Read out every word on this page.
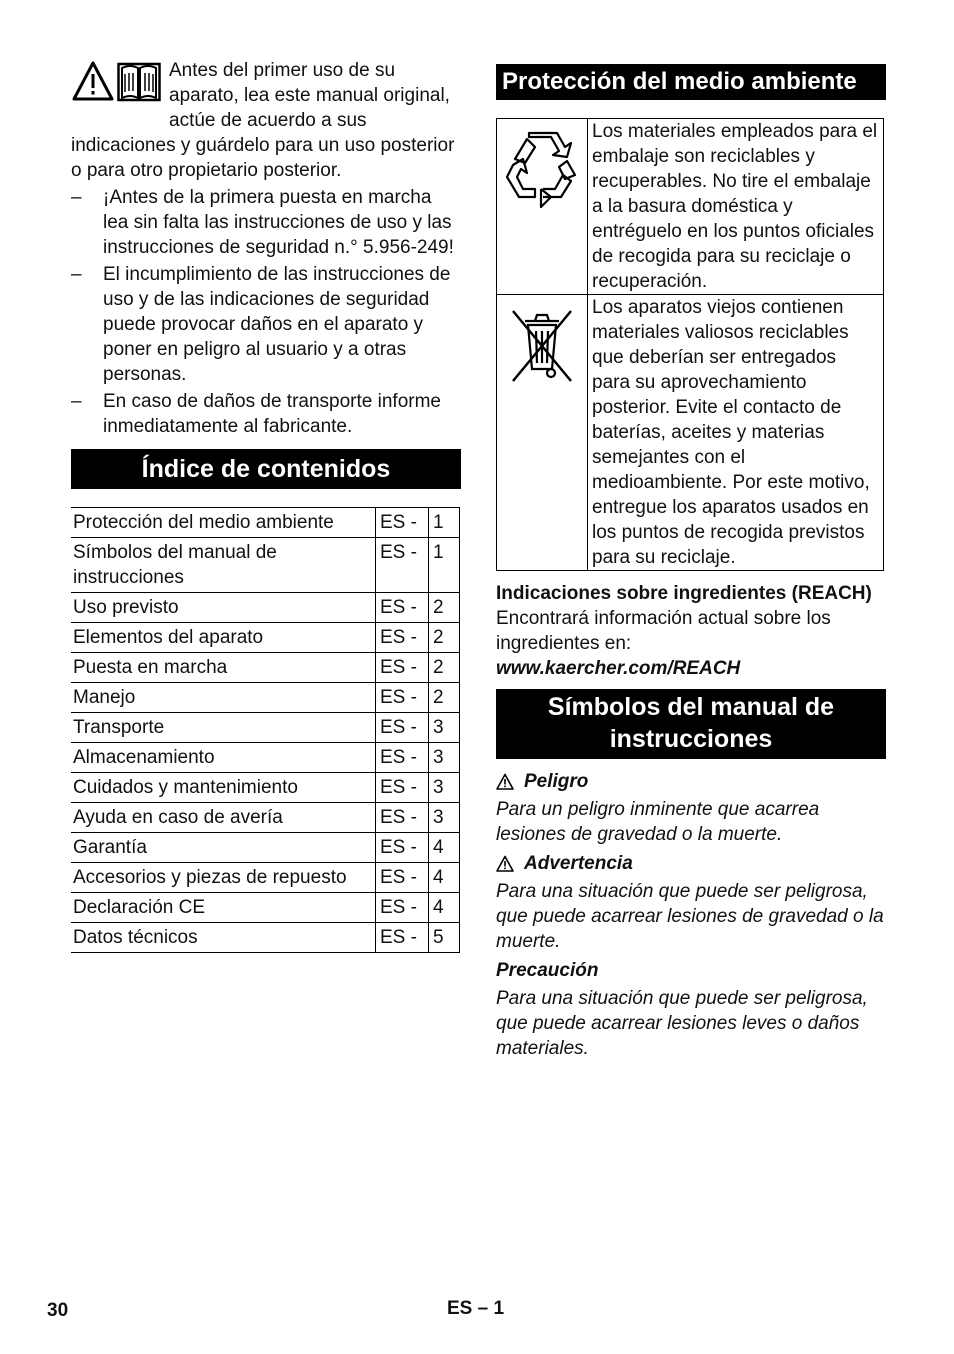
Antes del primer uso de su aparato, lea este manual original, actúe de acuerdo a sus indicaciones y guárdelo para un uso posterior o para otro propietario posterior.

– ¡Antes de la primera puesta en marcha lea sin falta las instrucciones de uso y las instrucciones de seguridad n.° 5.956-249!
– El incumplimiento de las instrucciones de uso y de las indicaciones de seguridad puede provocar daños en el aparato y poner en peligro al usuario y a otras personas.
– En caso de daños de transporte informe inmediatamente al fabricante.
Índice de contenidos
Protección del medio ambiente	ES -	1
Símbolos del manual de instrucciones	ES -	1
Uso previsto	ES -	2
Elementos del aparato	ES -	2
Puesta en marcha	ES -	2
Manejo	ES -	2
Transporte	ES -	3
Almacenamiento	ES -	3
Cuidados y mantenimiento	ES -	3
Ayuda en caso de avería	ES -	3
Garantía	ES -	4
Accesorios y piezas de repuesto	ES -	4
Declaración CE	ES -	4
Datos técnicos	ES -	5
Protección del medio ambiente
	Los materiales empleados para el embalaje son reciclables y recuperables. No tire el embalaje a la basura doméstica y entréguelo en los puntos oficiales de recogida para su reciclaje o recuperación.
	Los aparatos viejos contienen materiales valiosos reciclables que deberían ser entregados para su aprovechamiento posterior. Evite el contacto de baterías, aceites y materias semejantes con el medioambiente. Por este motivo, entregue los aparatos usados en los puntos de recogida previstos para su reciclaje.

Indicaciones sobre ingredientes (REACH)

Encontrará información actual sobre los ingredientes en:

www.kaercher.com/REACH

Símbolos del manual de instrucciones
Peligro

Para un peligro inminente que acarrea lesiones de gravedad o la muerte.

Advertencia

Para una situación que puede ser peligrosa, que puede acarrear lesiones de gravedad o la muerte.

Precaución

Para una situación que puede ser peligrosa, que puede acarrear lesiones leves o daños materiales.

30	ES – 1
